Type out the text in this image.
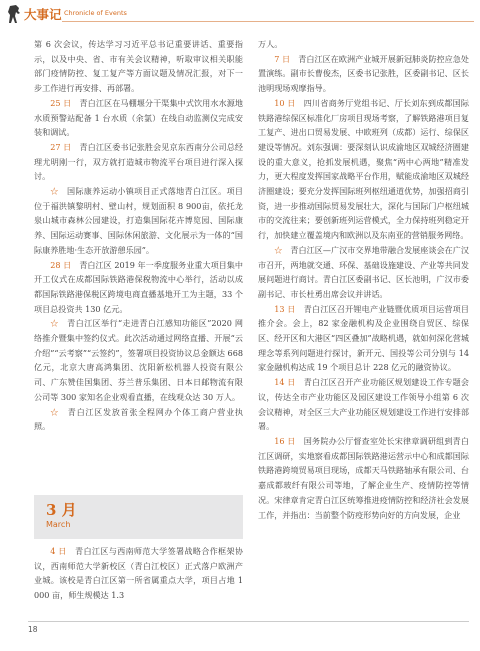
大事记 Chronicle of Events

第 6 次会议，传达学习习近平总书记重要讲话、重要指示，以及中央、省、市有关会议精神，听取审议相关职能部门疫情防控、复工复产等方面议题及情况汇报，对下一步工作进行再安排、再部署。

25 日  青白江区在马棚堰分干渠集中式饮用水水源地水质预警站配备 1 台水质（余氯）在线自动监测仪完成安装和调试。

27 日  青白江区委书记张胜会见京东西南分公司总经理尤明刚一行，双方就打造城市物流平台项目进行深入探讨。

☆  国际康养运动小镇项目正式落地青白江区。项目位于福洪镇黎明村、壁山村，规划面积 8 900亩，依托龙泉山城市森林公园建设，打造集国际花卉博览园、国际康养、国际运动赛事、国际休闲旅游、文化展示为一体的“国际康养胜地·生态开放游憩乐园”。

28 日  青白江区 2019 年一季度服务业重大项目集中开工仪式在成都国际铁路港保税物流中心举行，活动以成都国际铁路港保税区跨境电商直播基地开工为主题，33 个项目总投资共 130 亿元。

☆  青白江区举行“走进青白江感知功能区”2020 网络推介暨集中签约仪式。此次活动通过网络直播、开展“云介绍”“云考察”“云签约”，签署项目投资协议总金额达 668 亿元，北京大唐高鸿集团、沈阳新松机器人投资有限公司、广东赞佳国集团、芬兰普乐集团、日本日邮物流有限公司等 300 家知名企业观看直播，在线观众达 30 万人。

☆  青白江区发放首张全程网办个体工商户营业执照。

3 月
March

4 日  青白江区与西南师范大学签署战略合作框架协议，西南师范大学新校区（青白江校区）正式落户欧洲产业城。该校是青白江区第一所省属重点大学，项目占地 1 000 亩，师生规模达 1.3

万人。

7 日  青白江区在欧洲产业城开展新冠肺炎防控应急处置演练。副市长曹俊杰，区委书记张胜，区委副书记、区长池明现场观摩指导。

10 日  四川省商务厅党组书记、厅长刘东到成都国际铁路港综保区标准化厂房项目现场考察，了解铁路港项目复工复产、进出口贸易发展、中欧班列（成都）运行、综保区建设等情况。刘东强调：要深刻认识成渝地区双城经济圈建设的重大意义，抢抓发展机遇，聚焦“两中心两地”精准发力，更大程度发挥国家战略平台作用，赋能成渝地区双城经济圈建设；要充分发挥国际班列枢纽通道优势，加强招商引资，进一步推动国际贸易发展壮大，深化与国际门户枢纽城市的交流往来；要创新班列运营模式，全力保持班列稳定开行，加快建立覆盖境内和欧洲以及东南亚的营销服务网络。

☆  青白江区—广汉市交界地带融合发展座谈会在广汉市召开，两地就交通、环保、基础设施建设、产业等共同发展问题进行商讨。青白江区委副书记、区长池明，广汉市委副书记、市长杜勇出席会议并讲话。

13 日  青白江区召开锂电产业链暨优质项目运营项目推介会。会上，82 家金融机构及企业围绕自贸区、综保区、经开区和大港区“四区叠加”战略机遇，就如何深化营城理念等系列问题进行探讨，新开元、国投等公司分别与 14 家金融机构达成 19 个项目总计 228 亿元的融资协议。

14 日  青白江区召开产业功能区规划建设工作专题会议，传达全市产业功能区及园区建设工作领导小组第 6 次会议精神，对全区三大产业功能区规划建设工作进行安排部署。

16 日  国务院办公厅督查室处长宋律章调研组到青白江区调研，实地察看成都国际铁路港运营示中心和成都国际铁路港跨境贸易项目现场，成都天马铁路轴承有限公司、台嘉成都玻纤有限公司等地，了解企业生产、疫情防控等情况。宋律章肯定青白江区统筹推进疫情防控和经济社会发展工作，并指出：当前整个防疫形势向好的方向发展，企业

18
